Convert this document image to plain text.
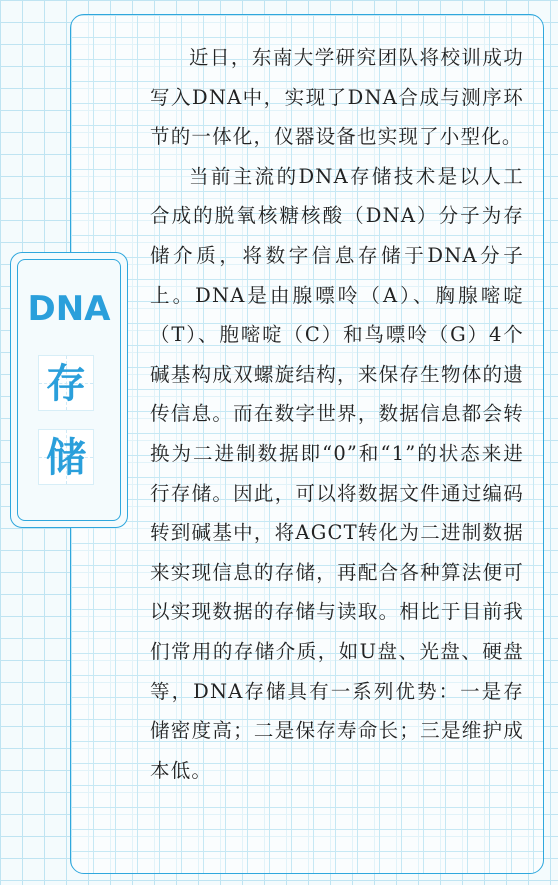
近日，东南大学研究团队将校训成功写入DNA中，实现了DNA合成与测序环节的一体化，仪器设备也实现了小型化。

当前主流的DNA存储技术是以人工合成的脱氧核糖核酸（DNA）分子为存储介质，将数字信息存储于DNA分子上。DNA是由腺嘌呤（A）、胸腺嘧啶（T）、胞嘧啶（C）和鸟嘌呤（G）4个碱基构成双螺旋结构，来保存生物体的遗传信息。而在数字世界，数据信息都会转换为二进制数据即“0”和“1”的状态来进行存储。因此，可以将数据文件通过编码转到碱基中，将AGCT转化为二进制数据来实现信息的存储，再配合各种算法便可以实现数据的存储与读取。相比于目前我们常用的存储介质，如U盘、光盘、硬盘等，DNA存储具有一系列优势：一是存储密度高；二是保存寿命长；三是维护成本低。

DNA
存
储
